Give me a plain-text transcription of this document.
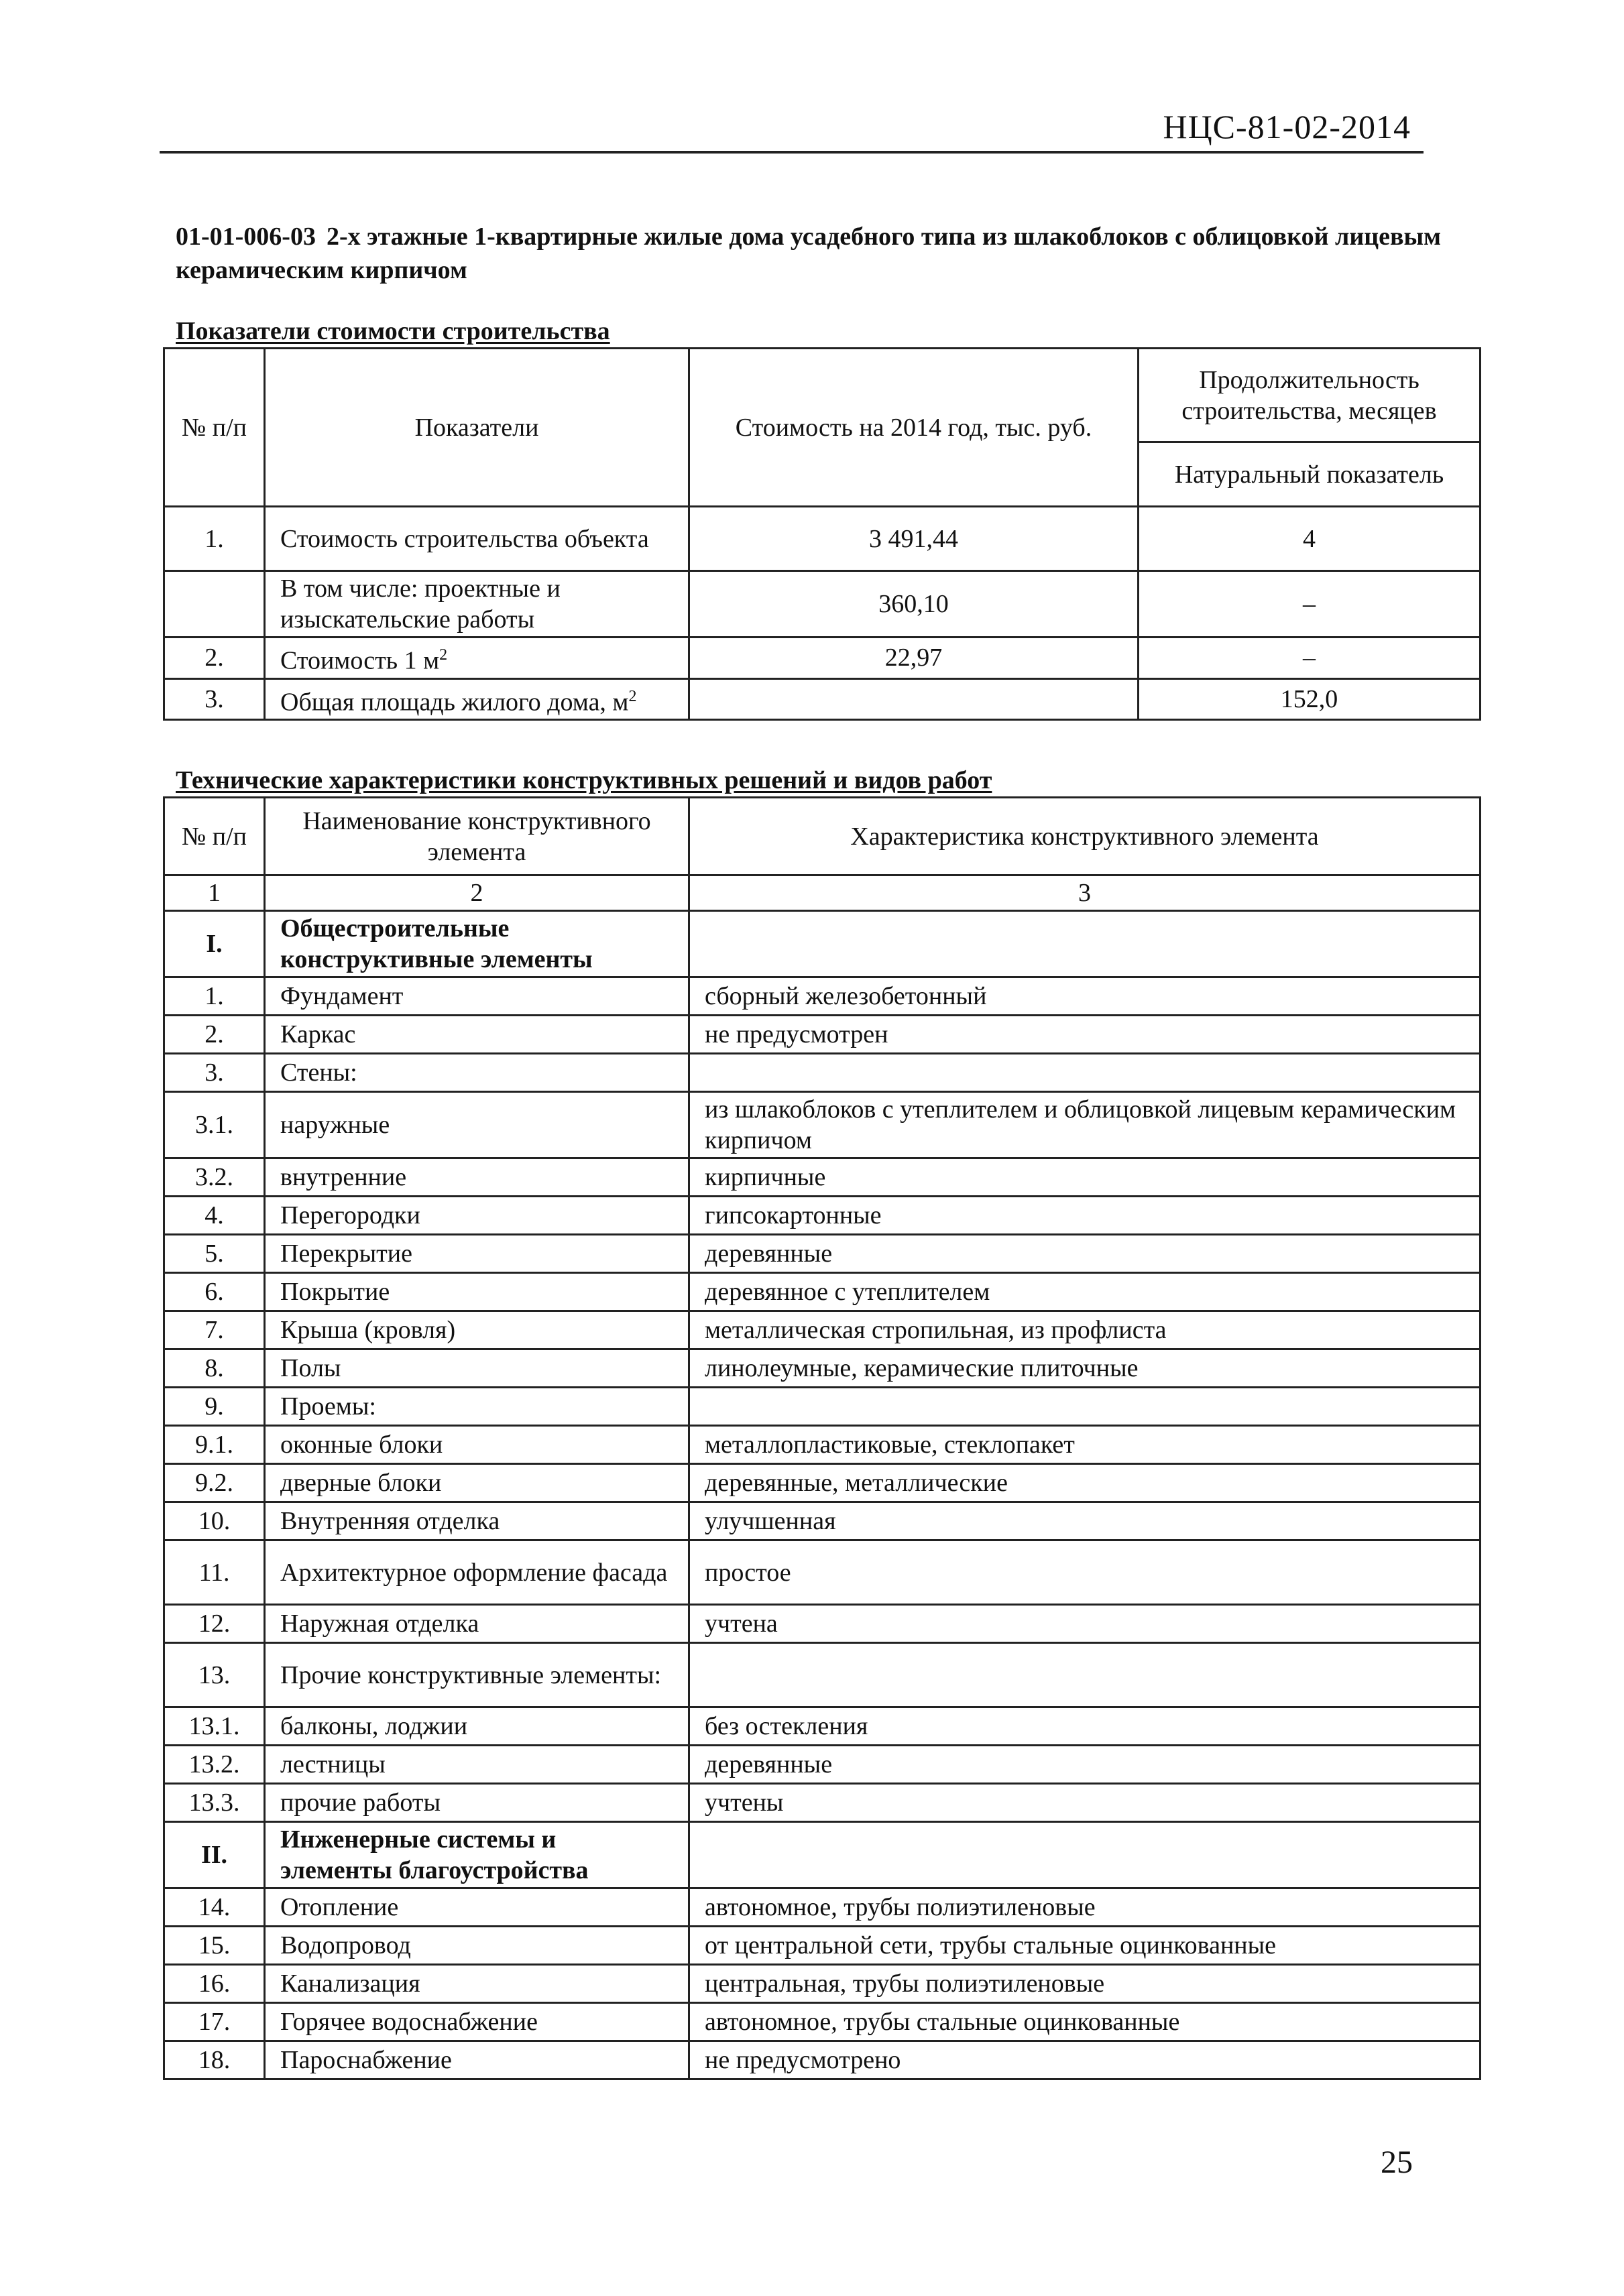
НЦС-81-02-2014
01-01-006-03 2-х этажные 1-квартирные жилые дома усадебного типа из шлакоблоков с облицовкой лицевым керамическим кирпичом
Показатели стоимости строительства
№ п/п	Показатели	Стоимость на 2014 год, тыс. руб.	Продолжительность строительства, месяцев
			Натуральный показатель
1.	Стоимость строительства объекта	3 491,44	4
	В том числе: проектные и изыскательские работы	360,10	–
2.	Стоимость 1 $м^2$	22,97	–
3.	Общая площадь жилого дома, $м^2$		152,0
Технические характеристики конструктивных решений и видов работ
№ п/п	Наименование конструктивного элемента	Характеристика конструктивного элемента
1	2	3
I.	Общестроительные конструктивные элементы	
1.	Фундамент	сборный железобетонный
2.	Каркас	не предусмотрен
3.	Стены:	
3.1.	наружные	из шлакоблоков с утеплителем и облицовкой лицевым керамическим кирпичом
3.2.	внутренние	кирпичные
4.	Перегородки	гипсокартонные
5.	Перекрытие	деревянные
6.	Покрытие	деревянное с утеплителем
7.	Крыша (кровля)	металлическая стропильная, из профлиста
8.	Полы	линолеумные, керамические плиточные
9.	Проемы:	
9.1.	оконные блоки	металлопластиковые, стеклопакет
9.2.	дверные блоки	деревянные, металлические
10.	Внутренняя отделка	улучшенная
11.	Архитектурное оформление фасада	простое
12.	Наружная отделка	учтена
13.	Прочие конструктивные элементы:	
13.1.	балконы, лоджии	без остекления
13.2.	лестницы	деревянные
13.3.	прочие работы	учтены
II.	Инженерные системы и элементы благоустройства	
14.	Отопление	автономное, трубы полиэтиленовые
15.	Водопровод	от центральной сети, трубы стальные оцинкованные
16.	Канализация	центральная, трубы полиэтиленовые
17.	Горячее водоснабжение	автономное, трубы стальные оцинкованные
18.	Пароснабжение	не предусмотрено
25
